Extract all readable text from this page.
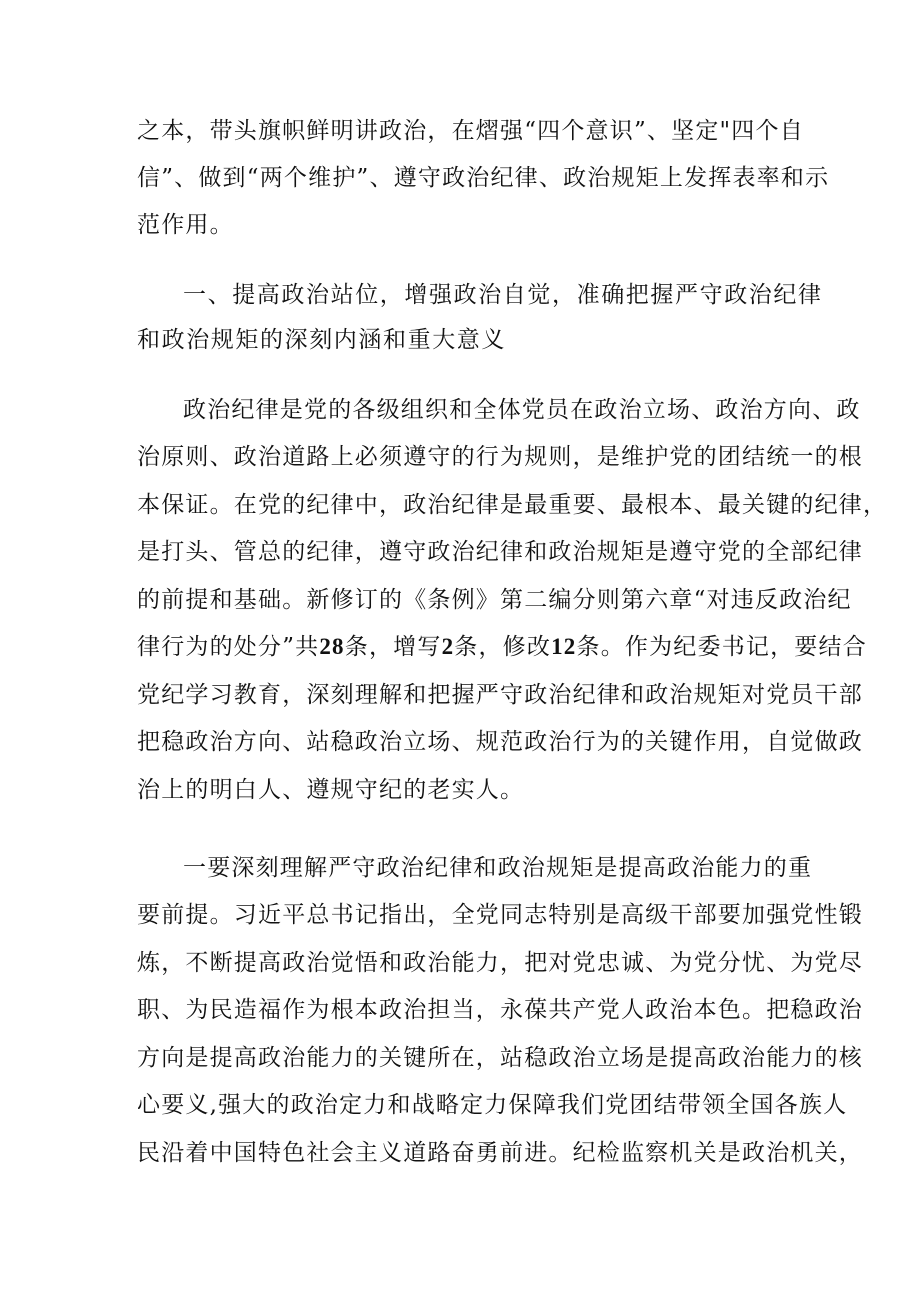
之本，带头旗帜鲜明讲政治，在熠强“四个意识”、坚定"四个自
信”、做到“两个维护”、遵守政治纪律、政治规矩上发挥表率和示
范作用。
一、提高政治站位，增强政治自觉，准确把握严守政治纪律
和政治规矩的深刻内涵和重大意义
政治纪律是党的各级组织和全体党员在政治立场、政治方向、政
治原则、政治道路上必须遵守的行为规则，是维护党的团结统一的根
本保证。在党的纪律中，政治纪律是最重要、最根本、最关键的纪律，
是打头、管总的纪律，遵守政治纪律和政治规矩是遵守党的全部纪律
的前提和基础。新修订的《条例》第二编分则第六章“对违反政治纪
律行为的处分”共28条，增写2条，修改12条。作为纪委书记，要结合
党纪学习教育，深刻理解和把握严守政治纪律和政治规矩对党员干部
把稳政治方向、站稳政治立场、规范政治行为的关键作用，自觉做政
治上的明白人、遵规守纪的老实人。
一要深刻理解严守政治纪律和政治规矩是提高政治能力的重
要前提。习近平总书记指出，全党同志特别是高级干部要加强党性锻
炼，不断提高政治觉悟和政治能力，把对党忠诚、为党分忧、为党尽
职、为民造福作为根本政治担当，永葆共产党人政治本色。把稳政治
方向是提高政治能力的关键所在，站稳政治立场是提高政治能力的核
心要义,强大的政治定力和战略定力保障我们党团结带领全国各族人
民沿着中国特色社会主义道路奋勇前进。纪检监察机关是政治机关，
